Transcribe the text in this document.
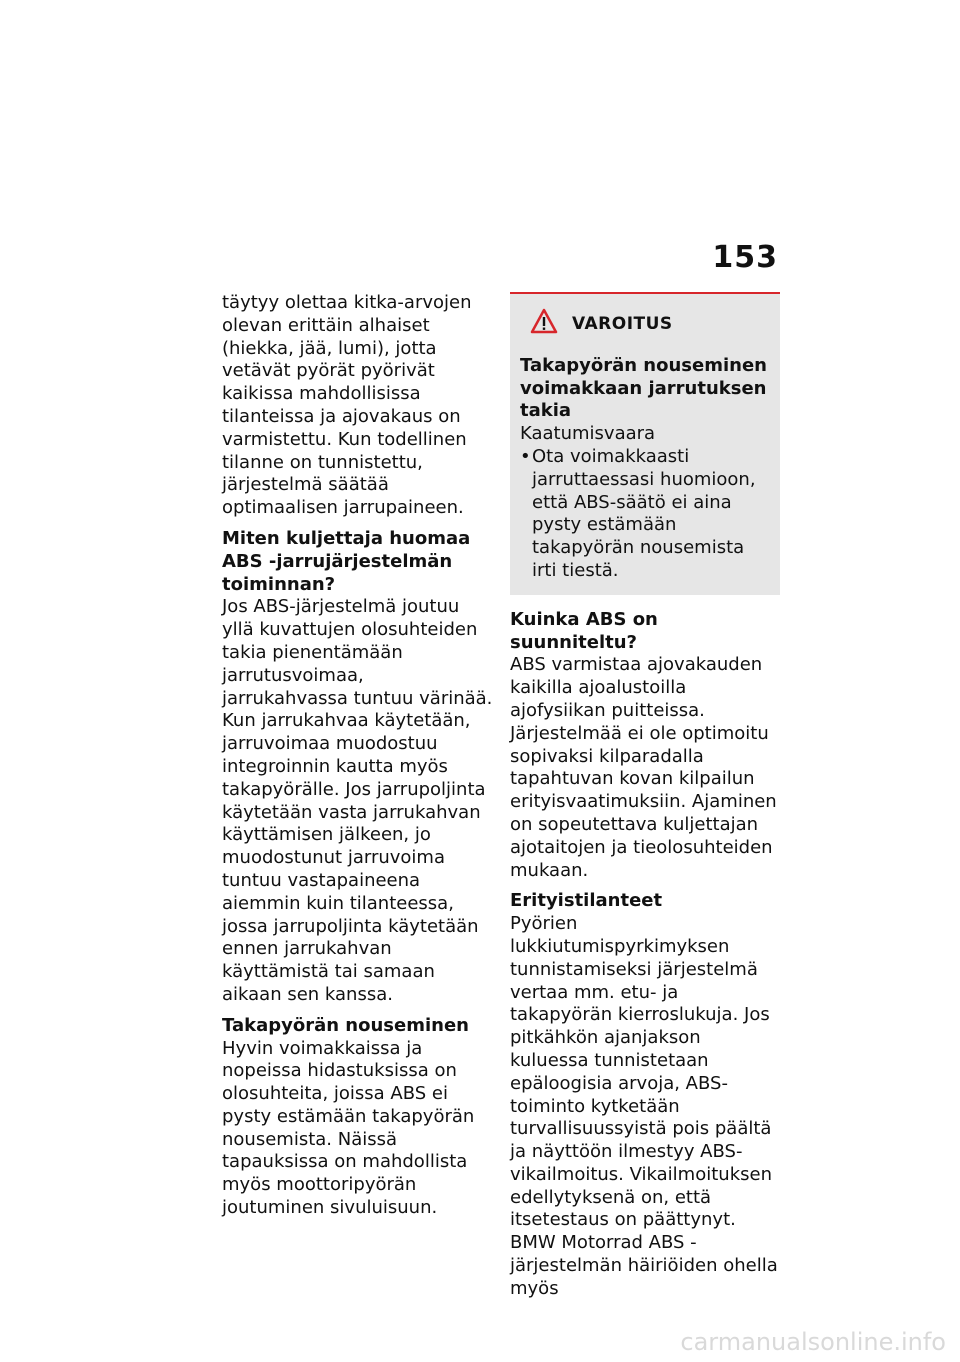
153

täytyy olettaa kitka-arvojen olevan erittäin alhaiset (hiekka, jää, lumi), jotta vetävät pyörät pyörivät kaikissa mahdollisissa tilanteissa ja ajovakaus on varmistettu. Kun todellinen tilanne on tunnistettu, järjestelmä säätää optimaalisen jarrupaineen.

Miten kuljettaja huomaa ABS -jarrujärjestelmän toiminnan?
Jos ABS-järjestelmä joutuu yllä kuvattujen olosuhteiden takia pienentämään jarrutusvoimaa, jarrukahvassa tuntuu värinää. Kun jarrukahvaa käytetään, jarruvoimaa muodostuu integroinnin kautta myös takapyörälle. Jos jarrupoljinta käytetään vasta jarrukahvan käyttämisen jälkeen, jo muodostunut jarruvoima tuntuu vastapaineena aiemmin kuin tilanteessa, jossa jarrupoljinta käytetään ennen jarrukahvan käyttämistä tai samaan aikaan sen kanssa.

Takapyörän nouseminen
Hyvin voimakkaissa ja nopeissa hidastuksissa on olosuhteita, joissa ABS ei pysty estämään takapyörän nousemista. Näissä tapauksissa on mahdollista myös moottoripyörän joutuminen sivuluisuun.

VAROITUS
Takapyörän nouseminen voimakkaan jarrutuksen takia
Kaatumisvaara
• Ota voimakkaasti jarruttaessasi huomioon, että ABS-säätö ei aina pysty estämään takapyörän nousemista irti tiestä.

Kuinka ABS on suunniteltu?
ABS varmistaa ajovakauden kaikilla ajoalustoilla ajofysiikan puitteissa. Järjestelmää ei ole optimoitu sopivaksi kilparadalla tapahtuvan kovan kilpailun erityisvaatimuksiin. Ajaminen on sopeutettava kuljettajan ajotaitojen ja tieolosuhteiden mukaan.

Erityistilanteet
Pyörien lukkiutumispyrkimyksen tunnistamiseksi järjestelmä vertaa mm. etu- ja takapyörän kierroslukuja. Jos pitkähkön ajanjakson kuluessa tunnistetaan epäloogisia arvoja, ABS-toiminto kytketään turvallisuussyistä pois päältä ja näyttöön ilmestyy ABS-vikailmoitus. Vikailmoituksen edellytyksenä on, että itsetestaus on päättynyt. BMW Motorrad ABS -järjestelmän häiriöiden ohella myös

carmanualsonline.info
